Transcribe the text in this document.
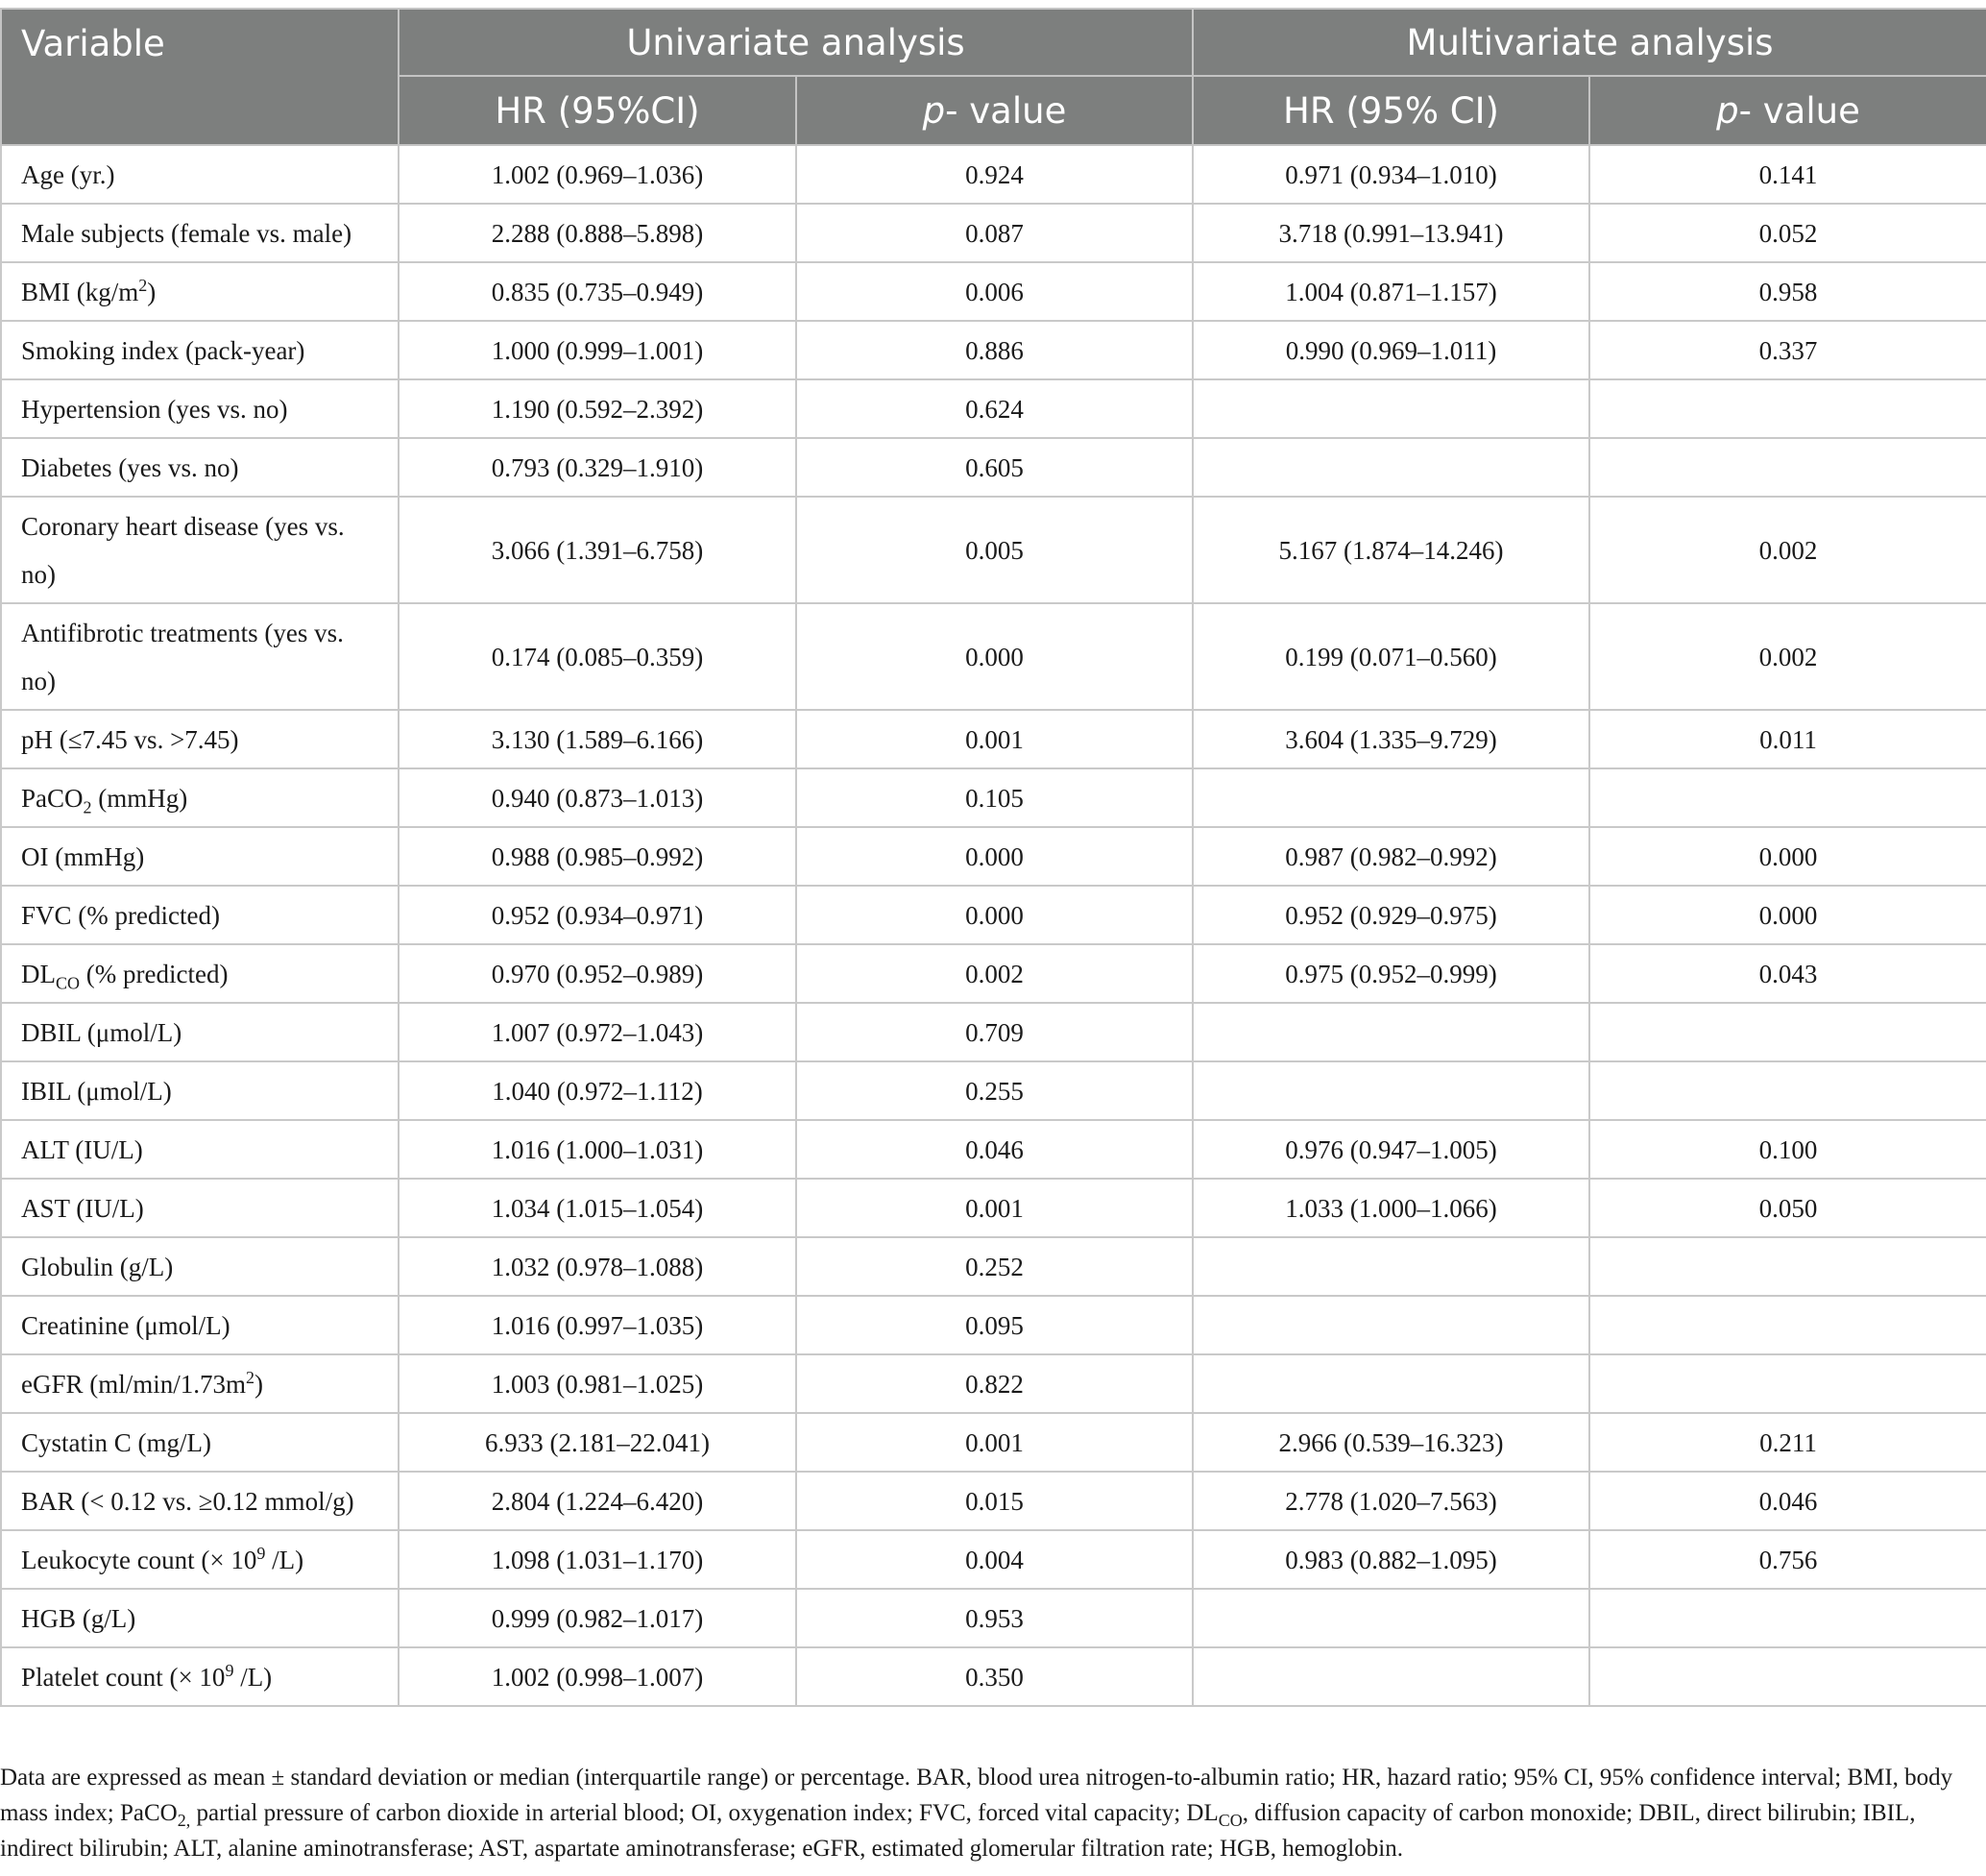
Variable	Univariate analysis		Multivariate analysis	
	HR (95%CI)	p- value	HR (95% CI)	p- value
Age (yr.)	1.002 (0.969–1.036)	0.924	0.971 (0.934–1.010)	0.141
Male subjects (female vs. male)	2.288 (0.888–5.898)	0.087	3.718 (0.991–13.941)	0.052
BMI $(kg/m^2)$	0.835 (0.735–0.949)	0.006	1.004 (0.871–1.157)	0.958
Smoking index (pack-year)	1.000 (0.999–1.001)	0.886	0.990 (0.969–1.011)	0.337
Hypertension (yes vs. no)	1.190 (0.592–2.392)	0.624		
Diabetes (yes vs. no)	0.793 (0.329–1.910)	0.605		
Coronary heart disease (yes vs.
no)	3.066 (1.391–6.758)	0.005	5.167 (1.874–14.246)	0.002
Antifibrotic treatments (yes vs.
no)	0.174 (0.085–0.359)	0.000	0.199 (0.071–0.560)	0.002
pH (≤7.45 vs. >7.45)	3.130 (1.589–6.166)	0.001	3.604 (1.335–9.729)	0.011
PaCO$_2$ (mmHg)	0.940 (0.873–1.013)	0.105		
OI (mmHg)	0.988 (0.985–0.992)	0.000	0.987 (0.982–0.992)	0.000
FVC (% predicted)	0.952 (0.934–0.971)	0.000	0.952 (0.929–0.975)	0.000
$DL_{CO}$ (% predicted)	0.970 (0.952–0.989)	0.002	0.975 (0.952–0.999)	0.043
DBIL (μmol/L)	1.007 (0.972–1.043)	0.709		
IBIL (μmol/L)	1.040 (0.972–1.112)	0.255		
ALT (IU/L)	1.016 (1.000–1.031)	0.046	0.976 (0.947–1.005)	0.100
AST (IU/L)	1.034 (1.015–1.054)	0.001	1.033 (1.000–1.066)	0.050
Globulin (g/L)	1.032 (0.978–1.088)	0.252		
Creatinine (μmol/L)	1.016 (0.997–1.035)	0.095		
eGFR $(ml/\min/1.73m^2)$	1.003 (0.981–1.025)	0.822		
Cystatin C (mg/L)	6.933 (2.181–22.041)	0.001	2.966 (0.539–16.323)	0.211
BAR (< 0.12 vs. ≥0.12 mmol/g)	2.804 (1.224–6.420)	0.015	2.778 (1.020–7.563)	0.046
Leukocyte count (× $10^9$ /L)	1.098 (1.031–1.170)	0.004	0.983 (0.882–1.095)	0.756
HGB (g/L)	0.999 (0.982–1.017)	0.953		
Platelet count (× $10^9$ /L)	1.002 (0.998–1.007)	0.350		
Data are expressed as mean ± standard deviation or median (interquartile range) or percentage. BAR, blood urea nitrogen-to-albumin ratio; HR, hazard ratio; 95% CI, 95% confidence interval; BMI, body mass index; PaCO$_{2,}$ partial pressure of carbon dioxide in arterial blood; OI, oxygenation index; FVC, forced vital capacity; $DL_{CO}$, diffusion capacity of carbon monoxide; DBIL, direct bilirubin; IBIL, indirect bilirubin; ALT, alanine aminotransferase; AST, aspartate aminotransferase; eGFR, estimated glomerular filtration rate; HGB, hemoglobin.
